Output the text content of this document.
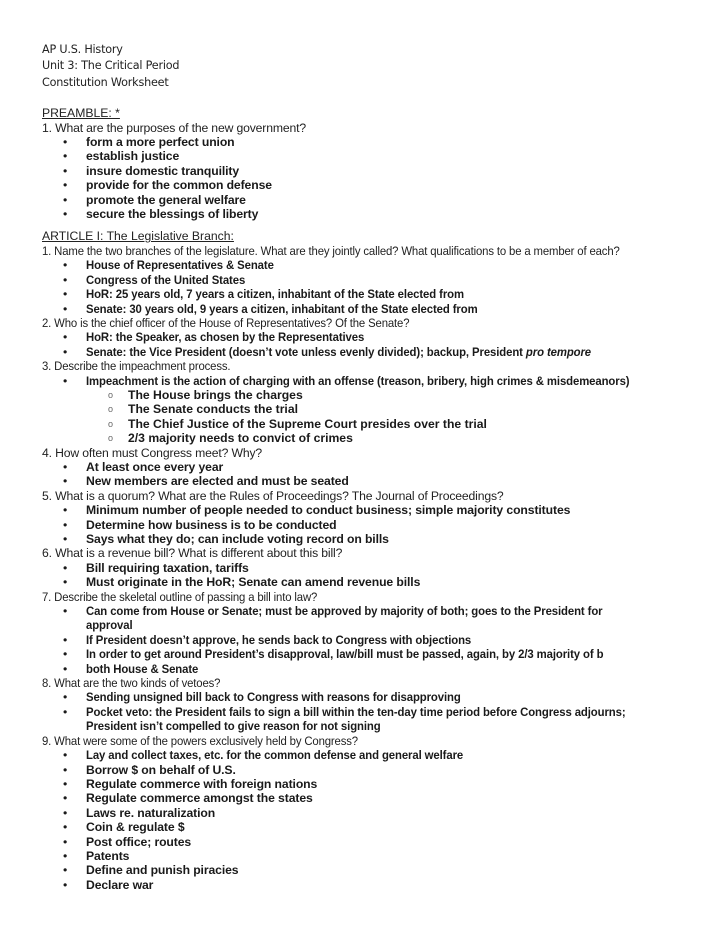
AP U.S. History
Unit 3: The Critical Period
Constitution Worksheet
PREAMBLE: *
1. What are the purposes of the new government?
• form a more perfect union
• establish justice
• insure domestic tranquility
• provide for the common defense
• promote the general welfare
• secure the blessings of liberty
ARTICLE I: The Legislative Branch:
1. Name the two branches of the legislature. What are they jointly called? What qualifications to be a member of each?
• House of Representatives & Senate
• Congress of the United States
• HoR: 25 years old, 7 years a citizen, inhabitant of the State elected from
• Senate: 30 years old, 9 years a citizen, inhabitant of the State elected from
2. Who is the chief officer of the House of Representatives? Of the Senate?
• HoR: the Speaker, as chosen by the Representatives
• Senate: the Vice President (doesn’t vote unless evenly divided); backup, President pro tempore
3. Describe the impeachment process.
• Impeachment is the action of charging with an offense (treason, bribery, high crimes & misdemeanors)
o The House brings the charges
o The Senate conducts the trial
o The Chief Justice of the Supreme Court presides over the trial
o 2/3 majority needs to convict of crimes
4. How often must Congress meet? Why?
• At least once every year
• New members are elected and must be seated
5. What is a quorum? What are the Rules of Proceedings? The Journal of Proceedings?
• Minimum number of people needed to conduct business; simple majority constitutes
• Determine how business is to be conducted
• Says what they do; can include voting record on bills
6. What is a revenue bill? What is different about this bill?
• Bill requiring taxation, tariffs
• Must originate in the HoR; Senate can amend revenue bills
7. Describe the skeletal outline of passing a bill into law?
• Can come from House or Senate; must be approved by majority of both; goes to the President for
approval
• If President doesn’t approve, he sends back to Congress with objections
• In order to get around President’s disapproval, law/bill must be passed, again, by 2/3 majority of b
• both House & Senate
8. What are the two kinds of vetoes?
• Sending unsigned bill back to Congress with reasons for disapproving
• Pocket veto: the President fails to sign a bill within the ten-day time period before Congress adjourns;
President isn’t compelled to give reason for not signing
9. What were some of the powers exclusively held by Congress?
• Lay and collect taxes, etc. for the common defense and general welfare
• Borrow $ on behalf of U.S.
• Regulate commerce with foreign nations
• Regulate commerce amongst the states
• Laws re. naturalization
• Coin & regulate $
• Post office; routes
• Patents
• Define and punish piracies
• Declare war
